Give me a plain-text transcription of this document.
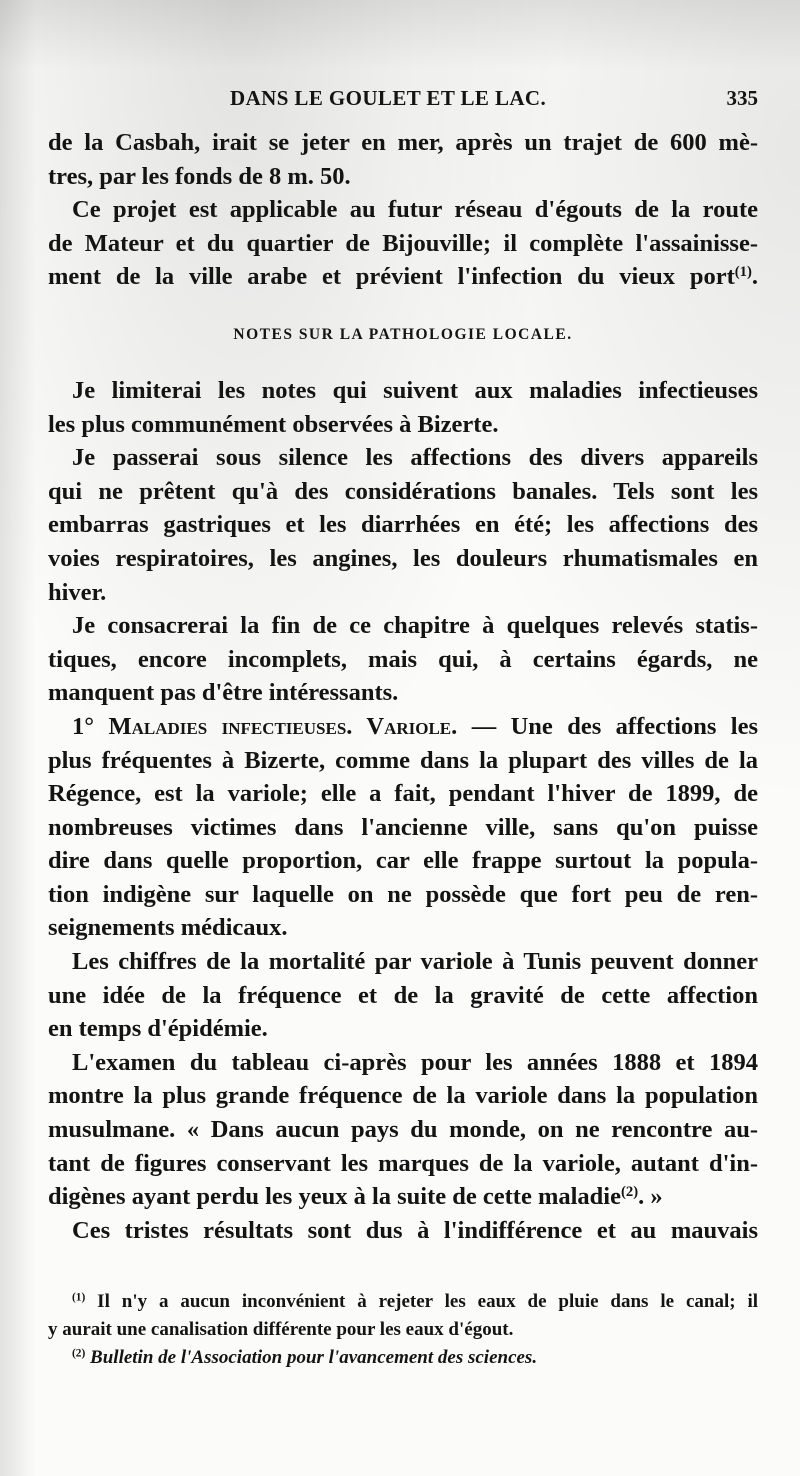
DANS LE GOULET ET LE LAC.	335
de la Casbah, irait se jeter en mer, après un trajet de 600 mè-
tres, par les fonds de 8 m. 50.
Ce projet est applicable au futur réseau d'égouts de la route
de Mateur et du quartier de Bijouville; il complète l'assainisse-
ment de la ville arabe et prévient l'infection du vieux port$^{(1)}$.
NOTES SUR LA PATHOLOGIE LOCALE.
Je limiterai les notes qui suivent aux maladies infectieuses
les plus communément observées à Bizerte.
Je passerai sous silence les affections des divers appareils
qui ne prêtent qu'à des considérations banales. Tels sont les
embarras gastriques et les diarrhées en été; les affections des
voies respiratoires, les angines, les douleurs rhumatismales en
hiver.
Je consacrerai la fin de ce chapitre à quelques relevés statis-
tiques, encore incomplets, mais qui, à certains égards, ne
manquent pas d'être intéressants.
1° Maladies infectieuses. Variole. — Une des affections les
plus fréquentes à Bizerte, comme dans la plupart des villes de la
Régence, est la variole; elle a fait, pendant l'hiver de 1899, de
nombreuses victimes dans l'ancienne ville, sans qu'on puisse
dire dans quelle proportion, car elle frappe surtout la popula-
tion indigène sur laquelle on ne possède que fort peu de ren-
seignements médicaux.
Les chiffres de la mortalité par variole à Tunis peuvent donner
une idée de la fréquence et de la gravité de cette affection
en temps d'épidémie.
L'examen du tableau ci-après pour les années 1888 et 1894
montre la plus grande fréquence de la variole dans la population
musulmane. « Dans aucun pays du monde, on ne rencontre au-
tant de figures conservant les marques de la variole, autant d'in-
digènes ayant perdu les yeux à la suite de cette maladie$^{(2)}$. »
Ces tristes résultats sont dus à l'indifférence et au mauvais
$^{(1)}$ Il n'y a aucun inconvénient à rejeter les eaux de pluie dans le canal; il
y aurait une canalisation différente pour les eaux d'égout.
$^{(2)}$ Bulletin de l'Association pour l'avancement des sciences.
